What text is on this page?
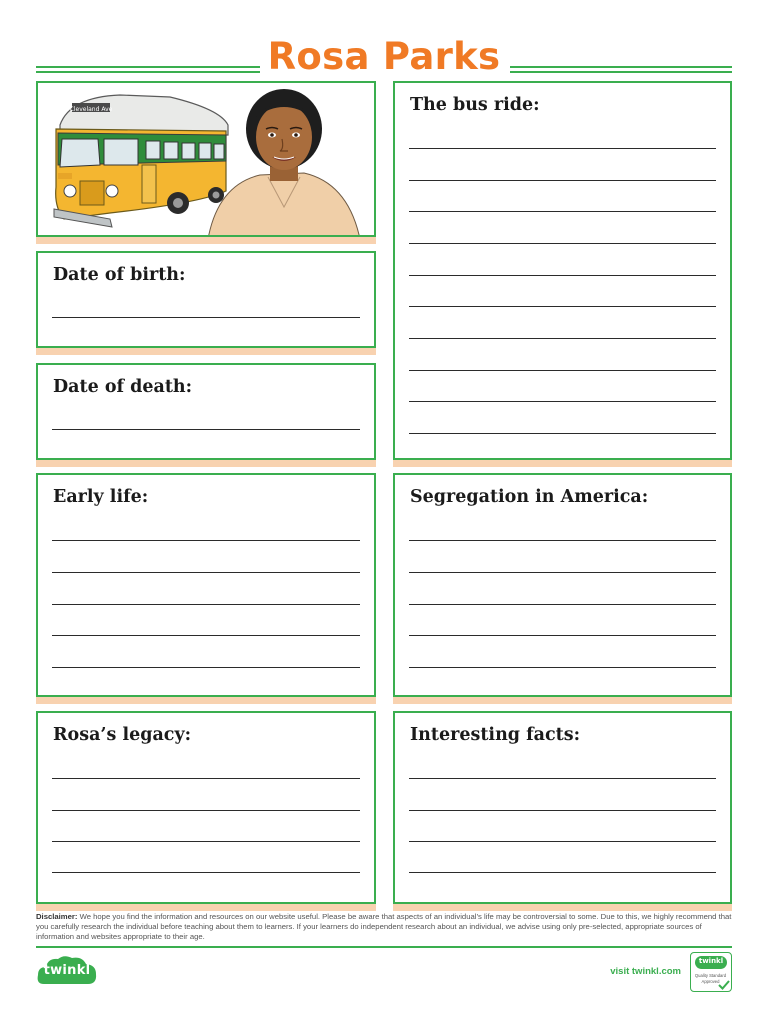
Rosa Parks
Cleveland Ave
Date of birth:
Date of death:
The bus ride:
Early life:	Segregation in America:
Rosa’s legacy:	Interesting facts:
Disclaimer: We hope you find the information and resources on our website useful. Please be aware that aspects of an individual’s life may be controversial to some. Due to this, we highly recommend that you carefully research the individual before teaching about them to learners. If your learners do independent research about an individual, we advise using only pre-selected, appropriate sources of information and websites appropriate to their age.
twinkl	visit twinkl.com
twinkl
Quality Standard
Approved
